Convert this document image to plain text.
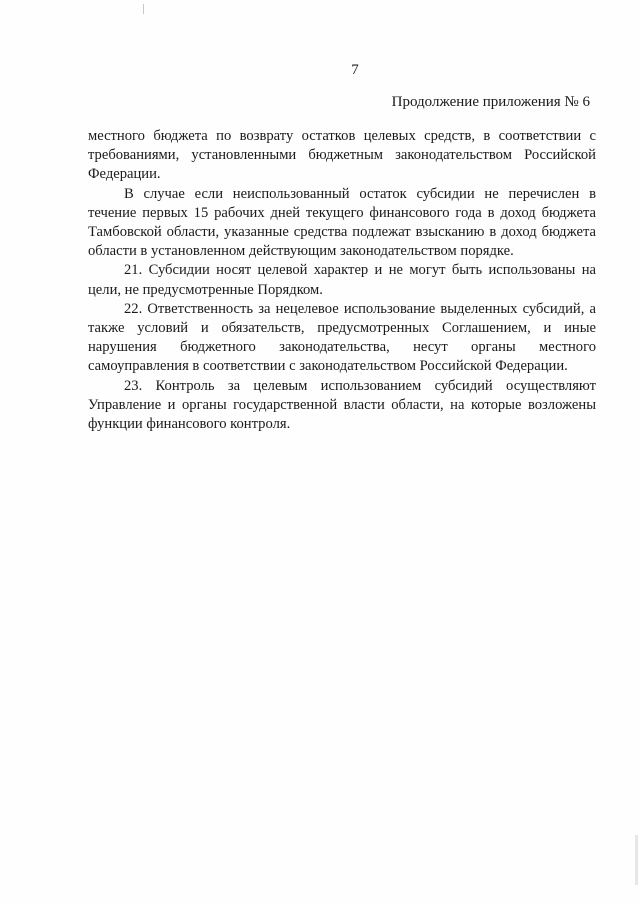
7
Продолжение приложения № 6

местного бюджета по возврату остатков целевых средств, в соответствии с требованиями, установленными бюджетным законодательством Российской Федерации.

В случае если неиспользованный остаток субсидии не перечислен в течение первых 15 рабочих дней текущего финансового года в доход бюджета Тамбовской области, указанные средства подлежат взысканию в доход бюджета области в установленном действующим законодательством порядке.

21. Субсидии носят целевой характер и не могут быть использованы на цели, не предусмотренные Порядком.

22. Ответственность за нецелевое использование выделенных субсидий, а также условий и обязательств, предусмотренных Соглашением, и иные нарушения бюджетного законодательства, несут органы местного самоуправления в соответствии с законодательством Российской Федерации.

23. Контроль за целевым использованием субсидий осуществляют Управление и органы государственной власти области, на которые возложены функции финансового контроля.
